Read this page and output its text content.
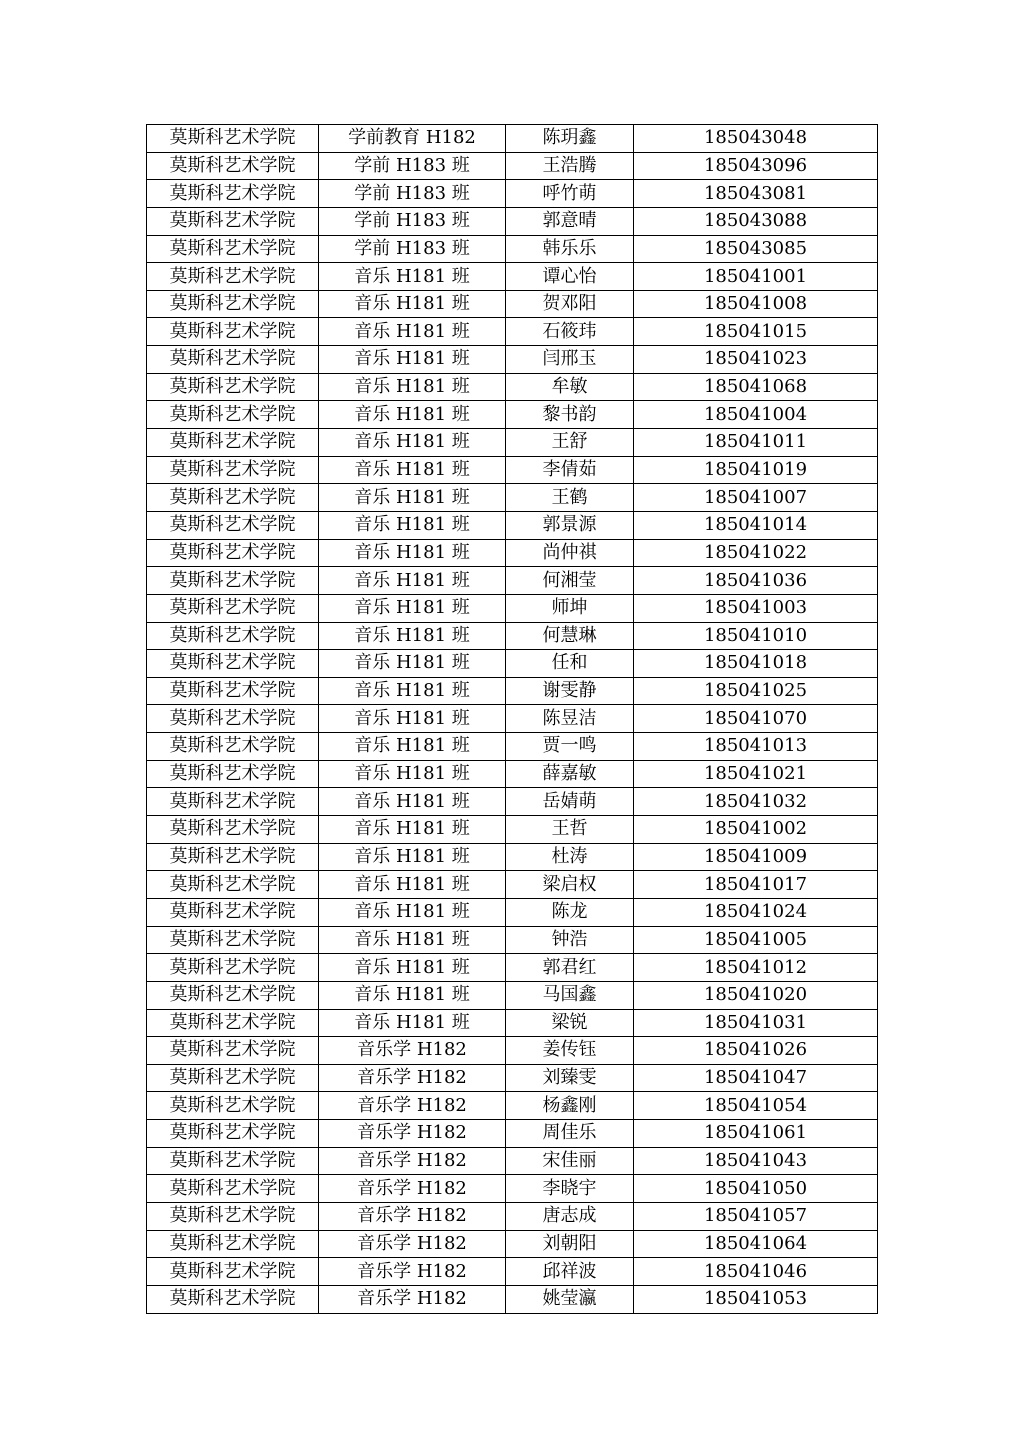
莫斯科艺术学院	学前教育 H182	陈玥鑫	185043048
莫斯科艺术学院	学前 H183 班	王浩腾	185043096
莫斯科艺术学院	学前 H183 班	呼竹萌	185043081
莫斯科艺术学院	学前 H183 班	郭意晴	185043088
莫斯科艺术学院	学前 H183 班	韩乐乐	185043085
莫斯科艺术学院	音乐 H181 班	谭心怡	185041001
莫斯科艺术学院	音乐 H181 班	贺邓阳	185041008
莫斯科艺术学院	音乐 H181 班	石筱玮	185041015
莫斯科艺术学院	音乐 H181 班	闫邢玉	185041023
莫斯科艺术学院	音乐 H181 班	牟敏	185041068
莫斯科艺术学院	音乐 H181 班	黎书韵	185041004
莫斯科艺术学院	音乐 H181 班	王舒	185041011
莫斯科艺术学院	音乐 H181 班	李倩茹	185041019
莫斯科艺术学院	音乐 H181 班	王鹤	185041007
莫斯科艺术学院	音乐 H181 班	郭景源	185041014
莫斯科艺术学院	音乐 H181 班	尚仲祺	185041022
莫斯科艺术学院	音乐 H181 班	何湘莹	185041036
莫斯科艺术学院	音乐 H181 班	师坤	185041003
莫斯科艺术学院	音乐 H181 班	何慧琳	185041010
莫斯科艺术学院	音乐 H181 班	任和	185041018
莫斯科艺术学院	音乐 H181 班	谢雯静	185041025
莫斯科艺术学院	音乐 H181 班	陈昱洁	185041070
莫斯科艺术学院	音乐 H181 班	贾一鸣	185041013
莫斯科艺术学院	音乐 H181 班	薛嘉敏	185041021
莫斯科艺术学院	音乐 H181 班	岳婧萌	185041032
莫斯科艺术学院	音乐 H181 班	王哲	185041002
莫斯科艺术学院	音乐 H181 班	杜涛	185041009
莫斯科艺术学院	音乐 H181 班	梁启权	185041017
莫斯科艺术学院	音乐 H181 班	陈龙	185041024
莫斯科艺术学院	音乐 H181 班	钟浩	185041005
莫斯科艺术学院	音乐 H181 班	郭君红	185041012
莫斯科艺术学院	音乐 H181 班	马国鑫	185041020
莫斯科艺术学院	音乐 H181 班	梁锐	185041031
莫斯科艺术学院	音乐学 H182	姜传钰	185041026
莫斯科艺术学院	音乐学 H182	刘臻雯	185041047
莫斯科艺术学院	音乐学 H182	杨鑫刚	185041054
莫斯科艺术学院	音乐学 H182	周佳乐	185041061
莫斯科艺术学院	音乐学 H182	宋佳丽	185041043
莫斯科艺术学院	音乐学 H182	李晓宇	185041050
莫斯科艺术学院	音乐学 H182	唐志成	185041057
莫斯科艺术学院	音乐学 H182	刘朝阳	185041064
莫斯科艺术学院	音乐学 H182	邱祥波	185041046
莫斯科艺术学院	音乐学 H182	姚莹瀛	185041053
